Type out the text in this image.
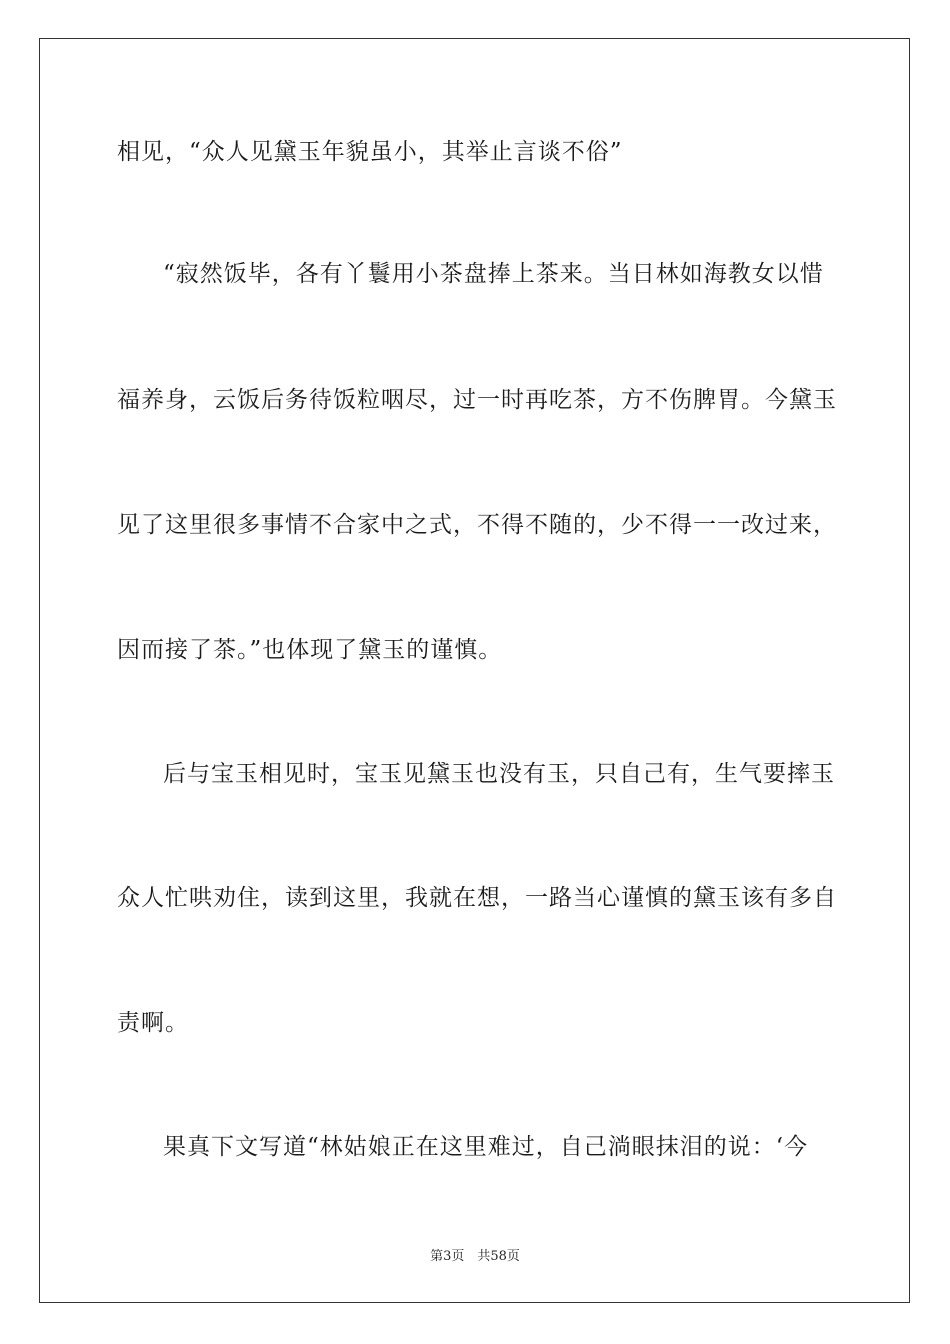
相见，“众人见黛玉年貌虽小，其举止言谈不俗”
“寂然饭毕，各有丫鬟用小茶盘捧上茶来。当日林如海教女以惜
福养身，云饭后务待饭粒咽尽，过一时再吃茶，方不伤脾胃。今黛玉
见了这里很多事情不合家中之式，不得不随的，少不得一一改过来，
因而接了茶。”也体现了黛玉的谨慎。
后与宝玉相见时，宝玉见黛玉也没有玉，只自己有，生气要摔玉
众人忙哄劝住，读到这里，我就在想，一路当心谨慎的黛玉该有多自
责啊。
果真下文写道“林姑娘正在这里难过，自己淌眼抹泪的说：‘今
第3页　共58页
